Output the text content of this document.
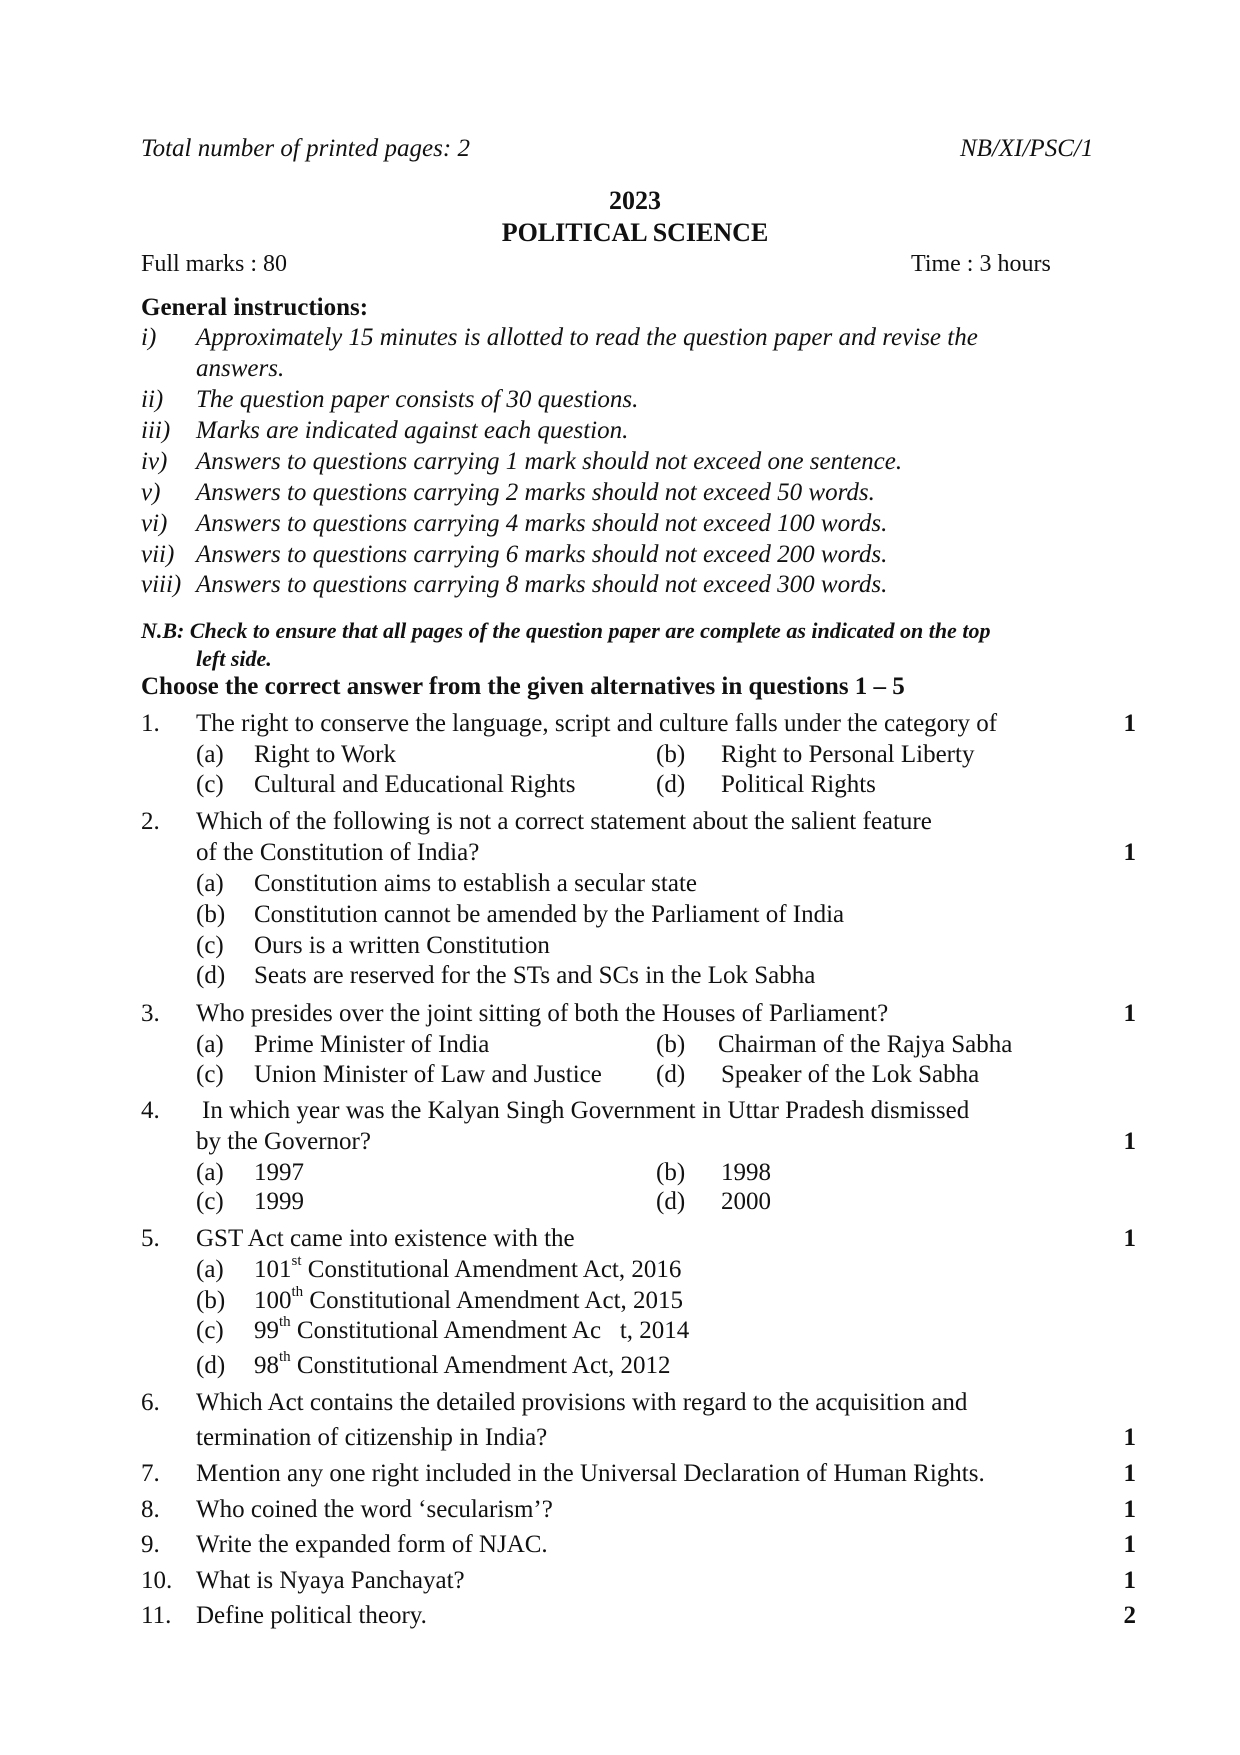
Total number of printed pages: 2	NB/XI/PSC/1
2023
POLITICAL SCIENCE
Full marks : 80	Time : 3 hours
General instructions:
i) Approximately 15 minutes is allotted to read the question paper and revise the
answers.
ii) The question paper consists of 30 questions.
iii) Marks are indicated against each question.
iv) Answers to questions carrying 1 mark should not exceed one sentence.
v) Answers to questions carrying 2 marks should not exceed 50 words.
vi) Answers to questions carrying 4 marks should not exceed 100 words.
vii) Answers to questions carrying 6 marks should not exceed 200 words.
viii) Answers to questions carrying 8 marks should not exceed 300 words.
N.B: Check to ensure that all pages of the question paper are complete as indicated on the top
left side.
Choose the correct answer from the given alternatives in questions 1 – 5
1. The right to conserve the language, script and culture falls under the category of	1
(a) Right to Work	(b) Right to Personal Liberty
(c) Cultural and Educational Rights	(d) Political Rights
2. Which of the following is not a correct statement about the salient feature
of the Constitution of India?	1
(a) Constitution aims to establish a secular state
(b) Constitution cannot be amended by the Parliament of India
(c) Ours is a written Constitution
(d) Seats are reserved for the STs and SCs in the Lok Sabha
3. Who presides over the joint sitting of both the Houses of Parliament?	1
(a) Prime Minister of India	(b) Chairman of the Rajya Sabha
(c) Union Minister of Law and Justice (d) Speaker of the Lok Sabha
4. In which year was the Kalyan Singh Government in Uttar Pradesh dismissed
by the Governor?	1
(a) 1997	(b) 1998
(c) 1999	(d) 2000
5. GST Act came into existence with the	1
(a) 101st Constitutional Amendment Act, 2016
(b) 100th Constitutional Amendment Act, 2015
(c) 99th Constitutional Amendment Ac   t, 2014
(d) 98th Constitutional Amendment Act, 2012
6. Which Act contains the detailed provisions with regard to the acquisition and
termination of citizenship in India?	1
7. Mention any one right included in the Universal Declaration of Human Rights.	1
8. Who coined the word ‘secularism’?	1
9. Write the expanded form of NJAC.	1
10. What is Nyaya Panchayat?	1
11. Define political theory.	2
